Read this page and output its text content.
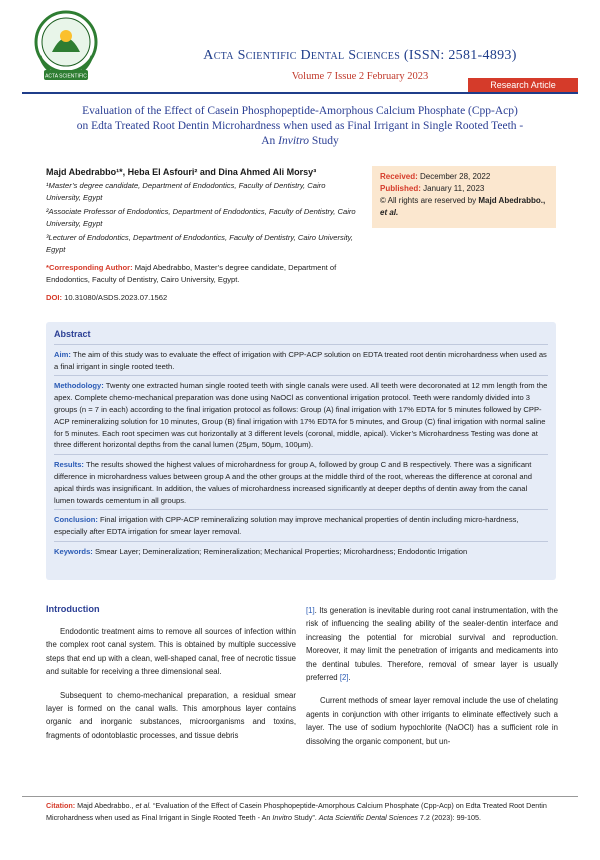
ACTA SCIENTIFIC
Acta Scientific Dental Sciences (ISSN: 2581-4893)
Volume 7 Issue 2 February 2023
Research Article
Evaluation of the Effect of Casein Phosphopeptide-Amorphous Calcium Phosphate (Cpp-Acp)
on Edta Treated Root Dentin Microhardness when used as Final Irrigant in Single Rooted Teeth -
An Invitro Study
Majd Abedrabbo¹*, Heba El Asfouri² and Dina Ahmed Ali Morsy³

¹Master’s degree candidate, Department of Endodontics, Faculty of Dentistry, Cairo University, Egypt

²Associate Professor of Endodontics, Department of Endodontics, Faculty of Dentistry, Cairo University, Egypt

³Lecturer of Endodontics, Department of Endodontics, Faculty of Dentistry, Cairo University, Egypt

*Corresponding Author: Majd Abedrabbo, Master’s degree candidate, Department of Endodontics, Faculty of Dentistry, Cairo University, Egypt.
DOI: 10.31080/ASDS.2023.07.1562
Received: December 28, 2022
Published: January 11, 2023
© All rights are reserved by Majd Abedrabbo., et al.
Abstract

Aim: The aim of this study was to evaluate the effect of irrigation with CPP-ACP solution on EDTA treated root dentin microhardness when used as a final irrigant in single rooted teeth.

Methodology: Twenty one extracted human single rooted teeth with single canals were used. All teeth were decoronated at 12 mm length from the apex. Complete chemo-mechanical preparation was done using NaOCl as conventional irrigation protocol. Teeth were randomly divided into 3 groups (n = 7 in each) according to the final irrigation protocol as follows: Group (A) final irrigation with 17% EDTA for 5 minutes followed by CPP-ACP remineralizing solution for 10 minutes, Group (B) final irrigation with 17% EDTA for 5 minutes, and Group (C) final irrigation with normal saline for 5 minutes. Each root specimen was cut horizontally at 3 different levels (coronal, middle, apical). Vicker’s Microhardness Testing was done at three different horizontal depths from the canal lumen (25μm, 50μm, 100μm).

Results: The results showed the highest values of microhardness for group A, followed by group C and B respectively. There was a significant difference in microhardness values between group A and the other groups at the middle third of the root, whereas the difference at coronal and apical thirds was insignificant. In addition, the values of microhardness increased significantly at deeper depths of dentin away from the canal lumen towards cementum in all groups.

Conclusion: Final irrigation with CPP-ACP remineralizing solution may improve mechanical properties of dentin including micro-hardness, especially after EDTA irrigation for smear layer removal.

Keywords: Smear Layer; Demineralization; Remineralization; Mechanical Properties; Microhardness; Endodontic Irrigation

Introduction

Endodontic treatment aims to remove all sources of infection within the complex root canal system. This is obtained by multiple successive steps that end up with a clean, well-shaped canal, free of necrotic tissue and suitable for receiving a three dimensional seal.

Subsequent to chemo-mechanical preparation, a residual smear layer is formed on the canal walls. This amorphous layer contains organic and inorganic substances, microorganisms and toxins, fragments of odontoblastic processes, and tissue debris

[1]. Its generation is inevitable during root canal instrumentation, with the risk of influencing the sealing ability of the sealer-dentin interface and increasing the potential for microbial survival and reproduction. Moreover, it may limit the penetration of irrigants and medicaments into the dentinal tubules. Therefore, removal of smear layer is usually preferred [2].

Current methods of smear layer removal include the use of chelating agents in conjunction with other irrigants to eliminate effectively such a layer. The use of sodium hypochlorite (NaOCl) has a sufficient role in dissolving the organic component, but un-

Citation: Majd Abedrabbo., et al. “Evaluation of the Effect of Casein Phosphopeptide-Amorphous Calcium Phosphate (Cpp-Acp) on Edta Treated Root Dentin Microhardness when used as Final Irrigant in Single Rooted Teeth - An Invitro Study”. Acta Scientific Dental Sciences 7.2 (2023): 99-105.
